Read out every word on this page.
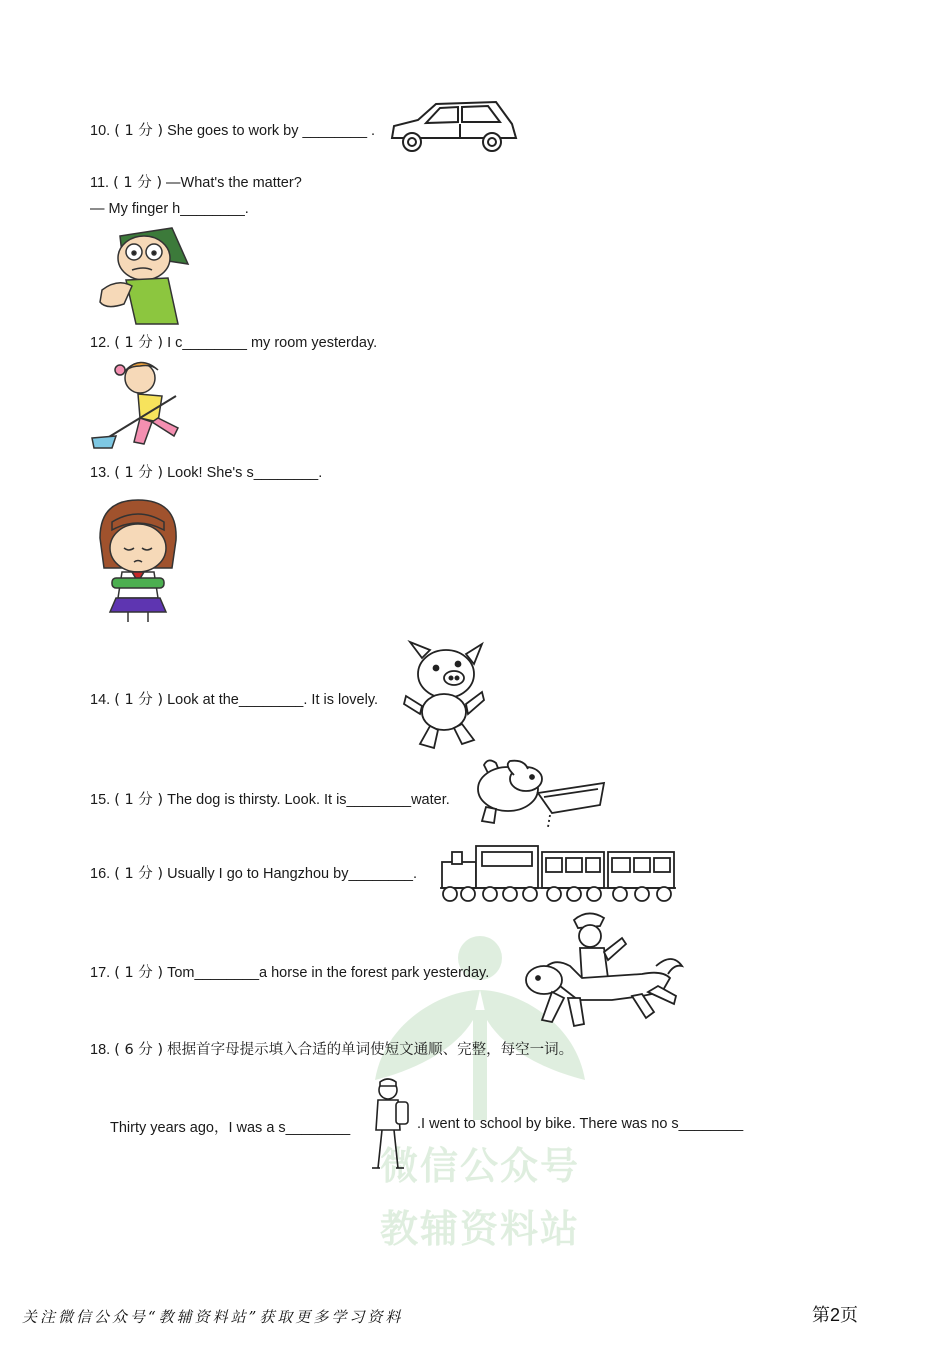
微信公众号
教辅资料站
10. ( 1 分 ) She goes to work by ________ .
11. ( 1 分 ) —What's the matter?
— My finger h________.
12. ( 1 分 ) I c________ my room yesterday.
13. ( 1 分 ) Look! She's s________.
14. ( 1 分 ) Look at the________. It is lovely.
15. ( 1 分 ) The dog is thirsty. Look. It is________water.
16. ( 1 分 ) Usually I go to Hangzhou by________.
17. ( 1 分 ) Tom________a horse in the forest park yesterday.
18. ( 6 分 ) 根据首字母提示填入合适的单词使短文通顺、完整，每空一词。
Thirty years ago，I was a s________	.I went to school by bike. There was no s________
关注微信公众号“教辅资料站”获取更多学习资料	第2页
